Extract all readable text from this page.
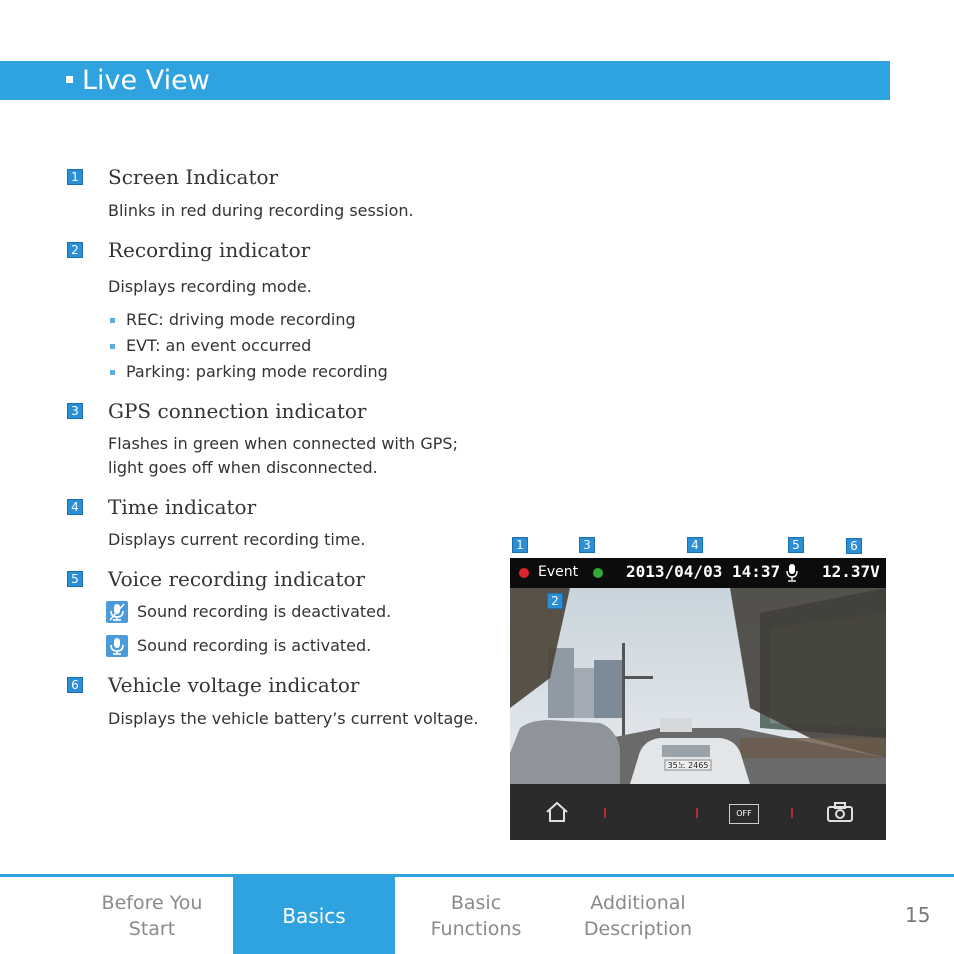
Live View
1 Screen Indicator
Blinks in red during recording session.
2 Recording indicator
Displays recording mode.
REC: driving mode recording
EVT: an event occurred
Parking: parking mode recording
3 GPS connection indicator
Flashes in green when connected with GPS;
light goes off when disconnected.
4 Time indicator
Displays current recording time.
5 Voice recording indicator
Sound recording is deactivated.
Sound recording is activated.
6 Vehicle voltage indicator
Displays the vehicle battery’s current voltage.
1	3	4	5	6
Event	2013/04/03 14:37	12.37V
35노 2465
OFF
2
Before You
Start
Basics
Basic
Functions
Additional
Description
15
